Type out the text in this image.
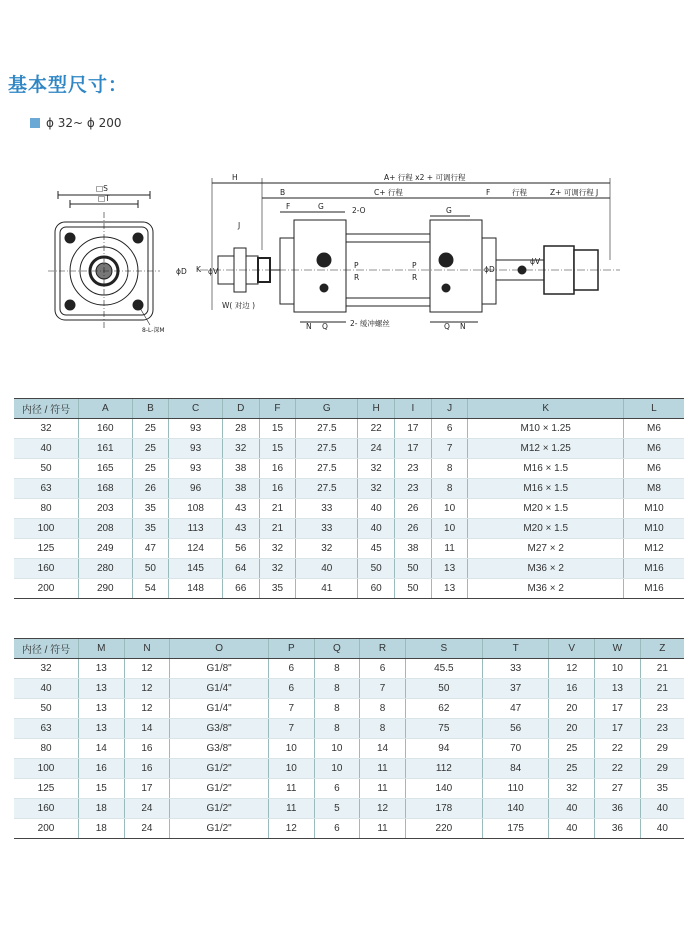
基本型尺寸：
ϕ 32~ ϕ 200
□S
□T
8-L-深M
H	A+ 行程 x2 + 可调行程
B	C+ 行程	F	行程	Z+ 可调行程 J
F	G	2-O	G
J
K
ϕD	ϕV
P
R
P
R
ϕD
ϕV
W( 对边 )
N Q	2- 缓冲螺丝	Q N
内径 / 符号	A	B	C	D	F	G	H	I	J	K	L
32	160	25	93	28	15	27.5	22	17	6	M10 × 1.25	M6
40	161	25	93	32	15	27.5	24	17	7	M12 × 1.25	M6
50	165	25	93	38	16	27.5	32	23	8	M16 × 1.5	M6
63	168	26	96	38	16	27.5	32	23	8	M16 × 1.5	M8
80	203	35	108	43	21	33	40	26	10	M20 × 1.5	M10
100	208	35	113	43	21	33	40	26	10	M20 × 1.5	M10
125	249	47	124	56	32	32	45	38	11	M27 × 2	M12
160	280	50	145	64	32	40	50	50	13	M36 × 2	M16
200	290	54	148	66	35	41	60	50	13	M36 × 2	M16
内径 / 符号	M	N	O	P	Q	R	S	T	V	W	Z
32	13	12	G1/8"	6	8	6	45.5	33	12	10	21
40	13	12	G1/4"	6	8	7	50	37	16	13	21
50	13	12	G1/4"	7	8	8	62	47	20	17	23
63	13	14	G3/8"	7	8	8	75	56	20	17	23
80	14	16	G3/8"	10	10	14	94	70	25	22	29
100	16	16	G1/2"	10	10	11	112	84	25	22	29
125	15	17	G1/2"	11	6	11	140	110	32	27	35
160	18	24	G1/2"	11	5	12	178	140	40	36	40
200	18	24	G1/2"	12	6	11	220	175	40	36	40
